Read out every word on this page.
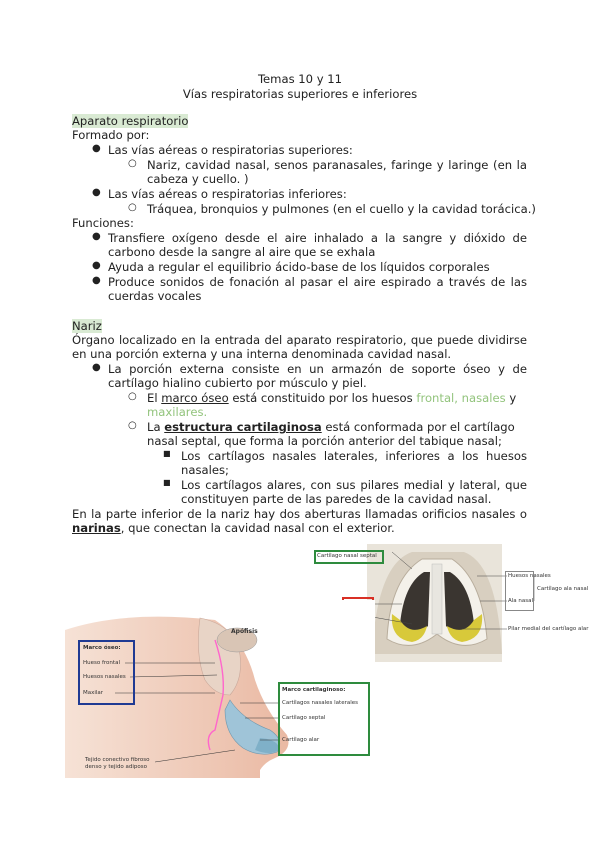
Temas 10 y 11
Vías respiratorias superiores e inferiores
Aparato respiratorio
Formado por:
● Las vías aéreas o respiratorias superiores:
○ Nariz, cavidad nasal, senos paranasales, faringe y laringe (en la
cabeza y cuello. )
● Las vías aéreas o respiratorias inferiores:
○ Tráquea, bronquios y pulmones (en el cuello y la cavidad torácica.)
Funciones:
● Transfiere oxígeno desde el aire inhalado a la sangre y dióxido de
carbono desde la sangre al aire que se exhala
● Ayuda a regular el equilibrio ácido-base de los líquidos corporales
● Produce sonidos de fonación al pasar el aire espirado a través de las
cuerdas vocales
Nariz
Órgano localizado en la entrada del aparato respiratorio, que puede dividirse
en una porción externa y una interna denominada cavidad nasal.
● La porción externa consiste en un armazón de soporte óseo y de
cartílago hialino cubierto por músculo y piel.
○ El marco óseo está constituido por los huesos frontal, nasales y
maxilares.
○ La estructura cartilaginosa está conformada por el cartílago
nasal septal, que forma la porción anterior del tabique nasal;
■ Los cartílagos nasales laterales, inferiores a los huesos
nasales;
■ Los cartílagos alares, con sus pilares medial y lateral, que
constituyen parte de las paredes de la cavidad nasal.
En la parte inferior de la nariz hay dos aberturas llamadas orificios nasales o
narinas, que conectan la cavidad nasal con el exterior.
Cartílago nasal septal
Huesos nasales
Ala nasal
Cartílago ala nasal
Pilar medial del cartílago alar
Apófisis
Marco óseo:
Hueso frontal
Huesos nasales
Maxilar	Marco cartilaginoso:
Cartílagos nasales laterales
Cartílago septal
Cartílago alar
Tejido conectivo fibroso
denso y tejido adiposo
